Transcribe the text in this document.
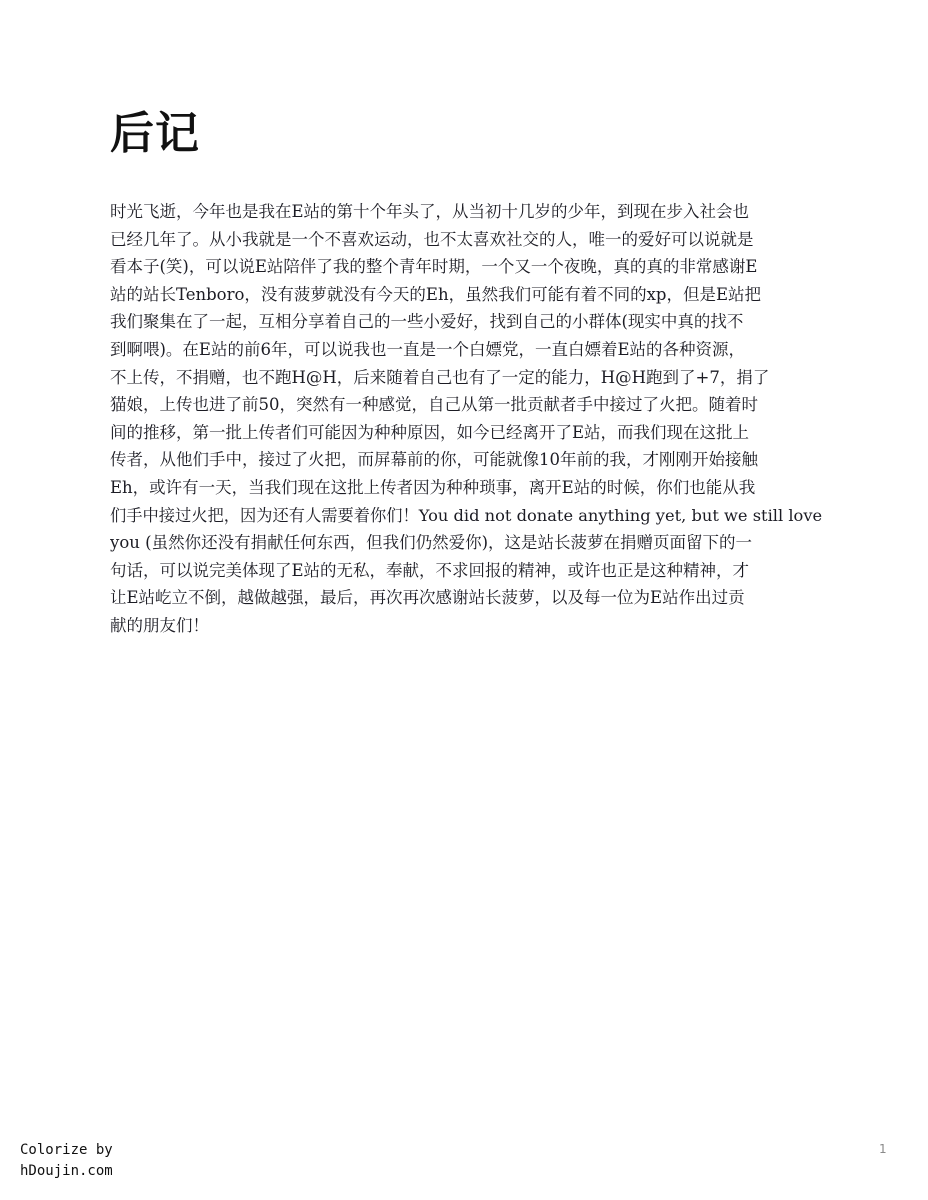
后记
时光飞逝，今年也是我在E站的第十个年头了，从当初十几岁的少年，到现在步入社会也
已经几年了。从小我就是一个不喜欢运动，也不太喜欢社交的人，唯一的爱好可以说就是
看本子(笑)，可以说E站陪伴了我的整个青年时期，一个又一个夜晚，真的真的非常感谢E
站的站长Tenboro，没有菠萝就没有今天的Eh，虽然我们可能有着不同的xp，但是E站把
我们聚集在了一起，互相分享着自己的一些小爱好，找到自己的小群体(现实中真的找不
到啊喂)。在E站的前6年，可以说我也一直是一个白嫖党，一直白嫖着E站的各种资源，
不上传，不捐赠，也不跑H@H，后来随着自己也有了一定的能力，H@H跑到了+7，捐了
猫娘，上传也进了前50，突然有一种感觉，自己从第一批贡献者手中接过了火把。随着时
间的推移，第一批上传者们可能因为种种原因，如今已经离开了E站，而我们现在这批上
传者，从他们手中，接过了火把，而屏幕前的你，可能就像10年前的我，才刚刚开始接触
Eh，或许有一天，当我们现在这批上传者因为种种琐事，离开E站的时候，你们也能从我
们手中接过火把，因为还有人需要着你们！You did not donate anything yet, but we still love
you (虽然你还没有捐献任何东西，但我们仍然爱你)，这是站长菠萝在捐赠页面留下的一
句话，可以说完美体现了E站的无私，奉献，不求回报的精神，或许也正是这种精神，才
让E站屹立不倒，越做越强，最后，再次再次感谢站长菠萝，以及每一位为E站作出过贡
献的朋友们！
Colorize by
hDoujin.com
1
